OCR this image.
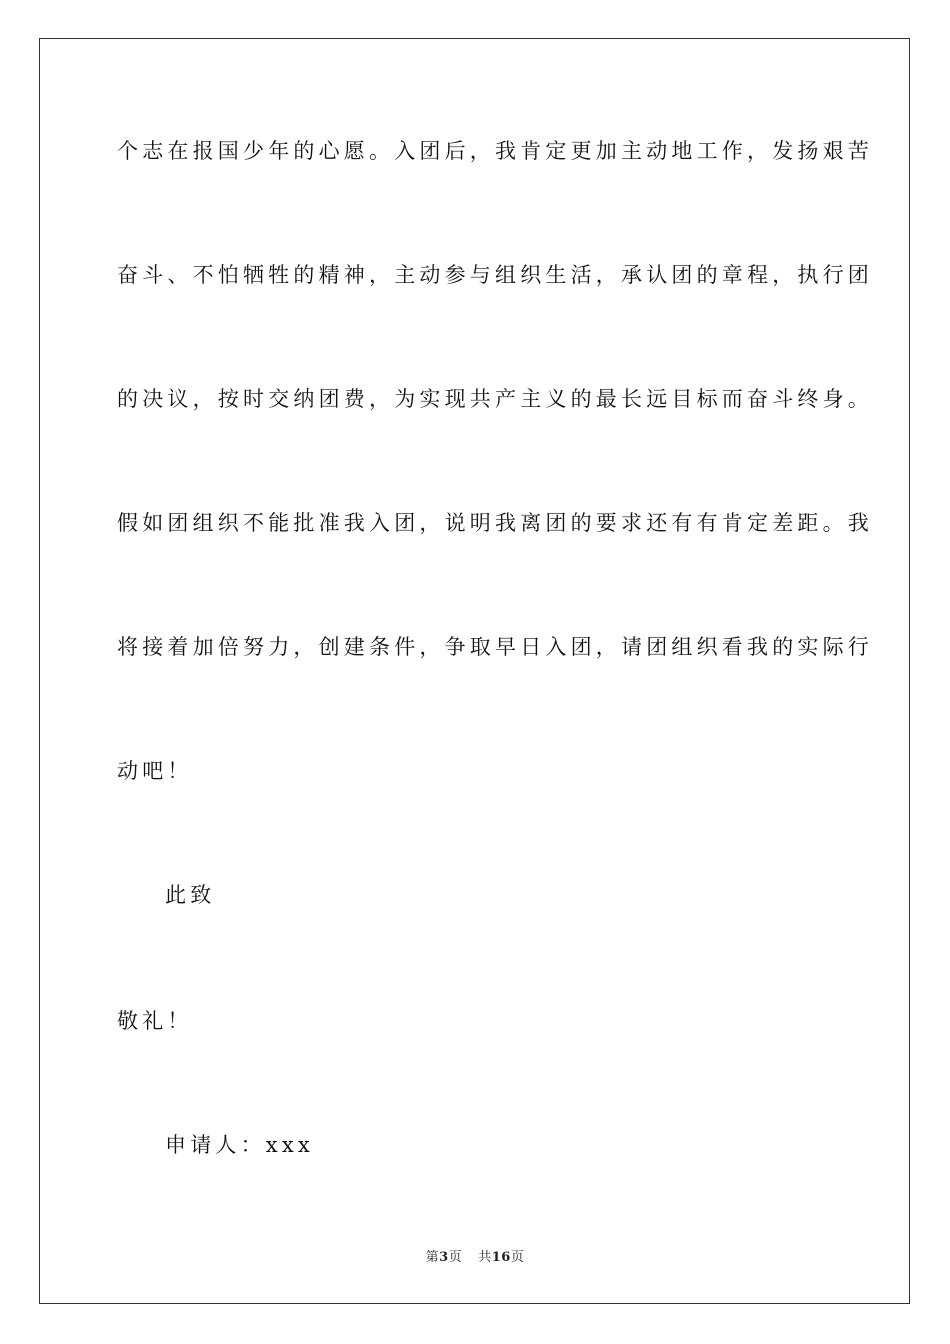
个志在报国少年的心愿。入团后，我肯定更加主动地工作，发扬艰苦
奋斗、不怕牺牲的精神，主动参与组织生活，承认团的章程，执行团
的决议，按时交纳团费，为实现共产主义的最长远目标而奋斗终身。
假如团组织不能批准我入团，说明我离团的要求还有有肯定差距。我
将接着加倍努力，创建条件，争取早日入团，请团组织看我的实际行
动吧！
此致
敬礼！
申请人：xxx
第3页 共16页
